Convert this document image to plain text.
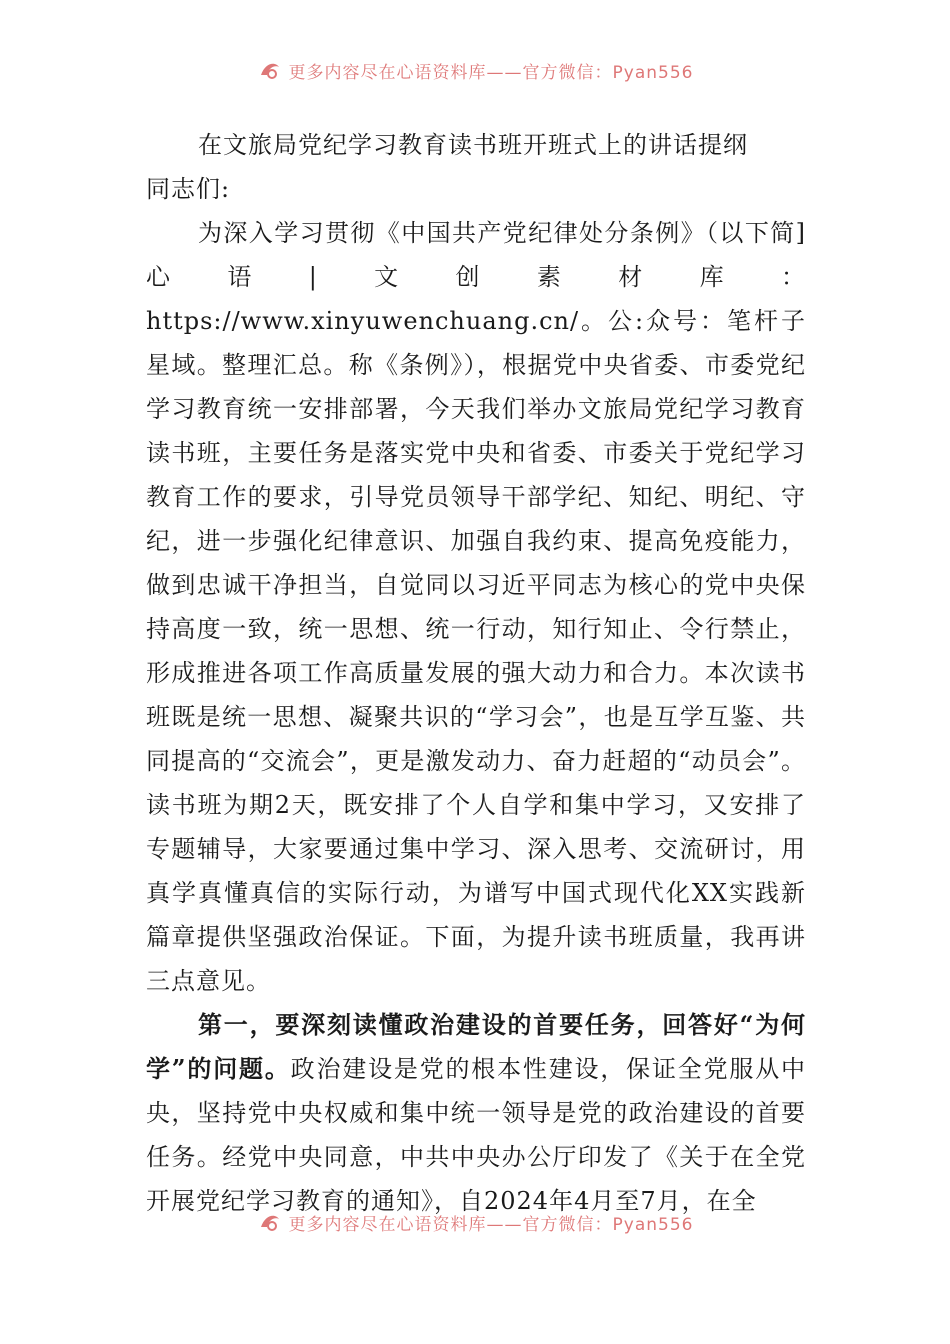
更多内容尽在心语资料库——官方微信：Pyan556

在文旅局党纪学习教育读书班开班式上的讲话提纲

同志们:

为深入学习贯彻《中国共产党纪律处分条例》（以下简]心语|文创素材库：https://www.xinyuwenchuang.cn/。公:众号：笔杆子星域。整理汇总。称《条例》），根据党中央省委、市委党纪学习教育统一安排部署，今天我们举办文旅局党纪学习教育读书班，主要任务是落实党中央和省委、市委关于党纪学习教育工作的要求，引导党员领导干部学纪、知纪、明纪、守纪，进一步强化纪律意识、加强自我约束、提高免疫能力，做到忠诚干净担当，自觉同以习近平同志为核心的党中央保持高度一致，统一思想、统一行动，知行知止、令行禁止，形成推进各项工作高质量发展的强大动力和合力。本次读书班既是统一思想、凝聚共识的“学习会”，也是互学互鉴、共同提高的“交流会”，更是激发动力、奋力赶超的“动员会”。读书班为期2天，既安排了个人自学和集中学习，又安排了专题辅导，大家要通过集中学习、深入思考、交流研讨，用真学真懂真信的实际行动，为谱写中国式现代化XX实践新篇章提供坚强政治保证。下面，为提升读书班质量，我再讲三点意见。

第一，要深刻读懂政治建设的首要任务，回答好“为何学”的问题。政治建设是党的根本性建设，保证全党服从中央，坚持党中央权威和集中统一领导是党的政治建设的首要任务。经党中央同意，中共中央办公厅印发了《关于在全党开展党纪学习教育的通知》，自2024年4月至7月，在全

更多内容尽在心语资料库——官方微信：Pyan556
